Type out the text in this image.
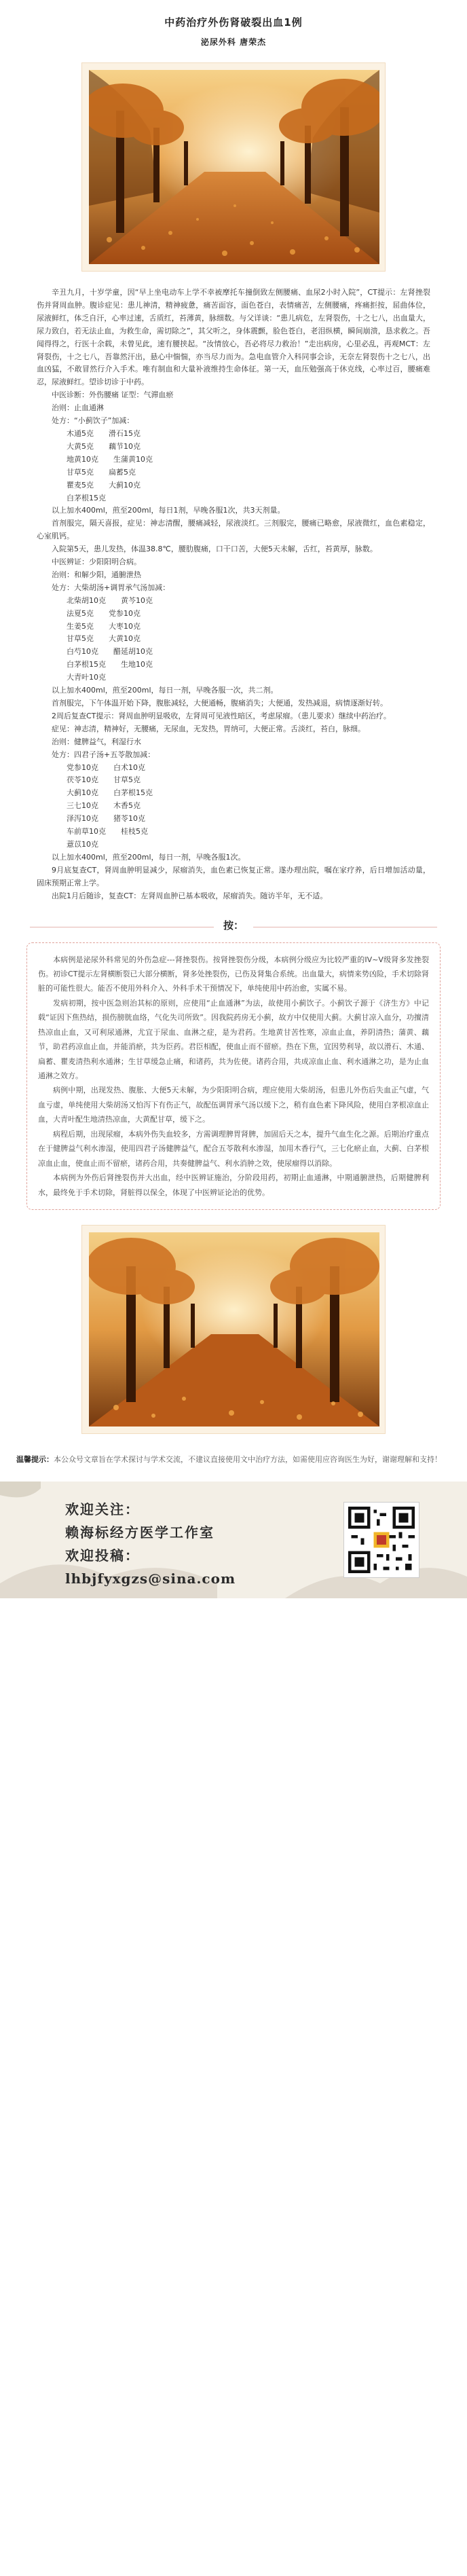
中药治疗外伤肾破裂出血1例
泌尿外科 唐荣杰

辛丑九月，十岁学童，因“早上坐电动车上学不幸被摩托车撞倒致左侧腰痛、血尿2小时入院”，CT提示：左肾挫裂伤并肾周血肿。腹诊症见：患儿神清，精神疲惫，痛苦面容，面色苍白，表情痛苦，左侧腰痛，疼痛拒按，屈曲体位，尿液鲜红，体乏自汗，心率过速，舌质红，苔薄黄，脉细数。与父详谈：“患儿病危，左肾裂伤，十之七八，出血量大，尿力致白，若无法止血，为救生命，需切除之”，其父听之，身体震颤，脸色苍白，老泪纵横，瞬间崩溃，恳求救之。吾闻得得之，行医十余载，未曾见此，速有腰挟起。“汝情放心，吾必将尽力救治！”走出病房，心里必乱，再观MCT：左肾裂伤，十之七八，吾靠然汗出，悬心中惴惴，亦当尽力而为。急电血管介入科同事会诊，无奈左肾裂伤十之七八，出血凶猛，不敢冒然行介入手术。唯有制血和大量补液维持生命体征。第一天，血压勉强高于休克线，心率过百，腰痛难忍，尿液鲜红。望诊切诊于中药。

中医诊断：外伤腰痛 证型：气滞血瘀

治则：止血通淋

处方：“小蓟饮子”加减：

木通5克　　滑石15克

大黄5克　　藕节10克

地黄10克　　生蒲黄10克

甘草5克　　扁蓄5克

瞿麦5克　　大蓟10克

白茅根15克

以上加水400ml，煎至200ml，每日1剂，早晚各服1次，共3天剂量。

首剂服完，隔天喜报，症见：神志清醒，腰痛减轻，尿液淡红。三剂服完，腰痛已略愈，尿液微红，血色素稳定，心室肌钙。

入院第5天，患儿发热，体温38.8℃，腰肋腹痛，口干口苦，大便5天未解，舌红，苔黄厚，脉数。

中医辨证：少阳阳明合病。

治则：和解少阳，通腑泄热

处方：大柴胡汤+调胃承气汤加减：

北柴胡10克　　黄芩10克

法夏5克　　党参10克

生姜5克　　大枣10克

甘草5克　　大黄10克

白芍10克　　醋延胡10克

白茅根15克　　生地10克

大青叶10克

以上加水400ml，煎至200ml，每日一剂，早晚各服一次，共二剂。

首剂服完，下午体温开始下降，腹胀减轻，大便通畅，腹痛消失；大便通，发热减退，病情逐渐好转。

2周后复查CT提示：肾周血肿明显吸收，左肾周可见液性暗区，考虑尿瘤。（患儿要求）继续中药治疗。

症见：神志清，精神好，无腰痛，无尿血，无发热，胃纳可，大便正常。舌淡红，苔白，脉细。

治则：健脾益气，利湿行水

处方：四君子汤+五苓散加减：

党参10克　　白术10克

茯苓10克　　甘草5克

大蓟10克　　白茅根15克

三七10克　　木香5克

泽泻10克　　猪苓10克

车前草10克　　桂枝5克

薏苡10克

以上加水400ml，煎至200ml，每日一剂，早晚各服1次。

9月底复查CT，肾周血肿明显减少，尿瘤消失，血色素已恢复正常。遂办理出院，嘱在家疗养，后日增加活动量，固床预期正常上学。

出院1月后随诊，复查CT：左肾周血肿已基本吸收，尿瘤消失。随访半年，无不适。

按：

本病例是泌尿外科常见的外伤急症---肾挫裂伤。按肾挫裂伤分级，本病例分级应为比较严重的IV~V级肾多发挫裂伤。初诊CT提示左肾横断裂已大部分横断，肾多处挫裂伤，已伤及肾集合系统。出血量大，病情来势凶险，手术切除肾脏的可能性很大。能否不使用外科介入、外科手术干预情况下，单纯使用中药治愈，实属不易。

发病初期，按中医急则治其标的原则，应使用“止血通淋”为法，故使用小蓟饮子。小蓟饮子源于《济生方》中记载“证因下焦热结，损伤膀胱血络，气化失司所致”。因我院药房无小蓟，故方中仅使用大蓟。大蓟甘凉入血分，功擅清热凉血止血，又可利尿通淋，尤宜于尿血、血淋之症，是为君药。生地黄甘苦性寒，凉血止血，养阴清热；蒲黄、藕节，助君药凉血止血，并能消瘀，共为臣药。君臣相配，使血止而不留瘀。热在下焦，宜因势利导，故以滑石、木通、扁蓄、瞿麦清热利水通淋；生甘草缓急止痛，和诸药，共为佐使。诸药合用，共成凉血止血、利水通淋之功，是为止血通淋之效方。

病例中期，出现发热、腹胀、大便5天未解，为少阳阳明合病，理应使用大柴胡汤，但患儿外伤后失血正气虚，气血亏虚，单纯使用大柴胡汤又怕泻下有伤正气，故配伍调胃承气汤以缓下之，稍有血色素下降风险，使用白茅根凉血止血，大青叶配生地清热凉血，大黄配甘草，缓下之。

病程后期，出现尿瘤，本病外伤失血较多，方需调理脾胃肾脾，加固后天之本，提升气血生化之源。后期治疗重点在于健脾益气利水渗湿，使用四君子汤健脾益气，配合五苓散利水渗湿，加用木香行气，三七化瘀止血，大蓟、白茅根凉血止血，使血止而不留瘀，诸药合用，共奏健脾益气、利水消肿之效，使尿瘤得以消除。

本病例为外伤后肾挫裂伤并大出血，经中医辨证施治，分阶段用药，初期止血通淋，中期通腑泄热，后期健脾利水，最终免于手术切除，肾脏得以保全，体现了中医辨证论治的优势。

温馨提示：本公众号文章旨在学术探讨与学术交流，不建议直接使用文中治疗方法，如需使用应咨询医生为好，谢谢理解和支持！
欢迎关注：
赖海标经方医学工作室
欢迎投稿：
lhbjfyxgzs@sina.com
